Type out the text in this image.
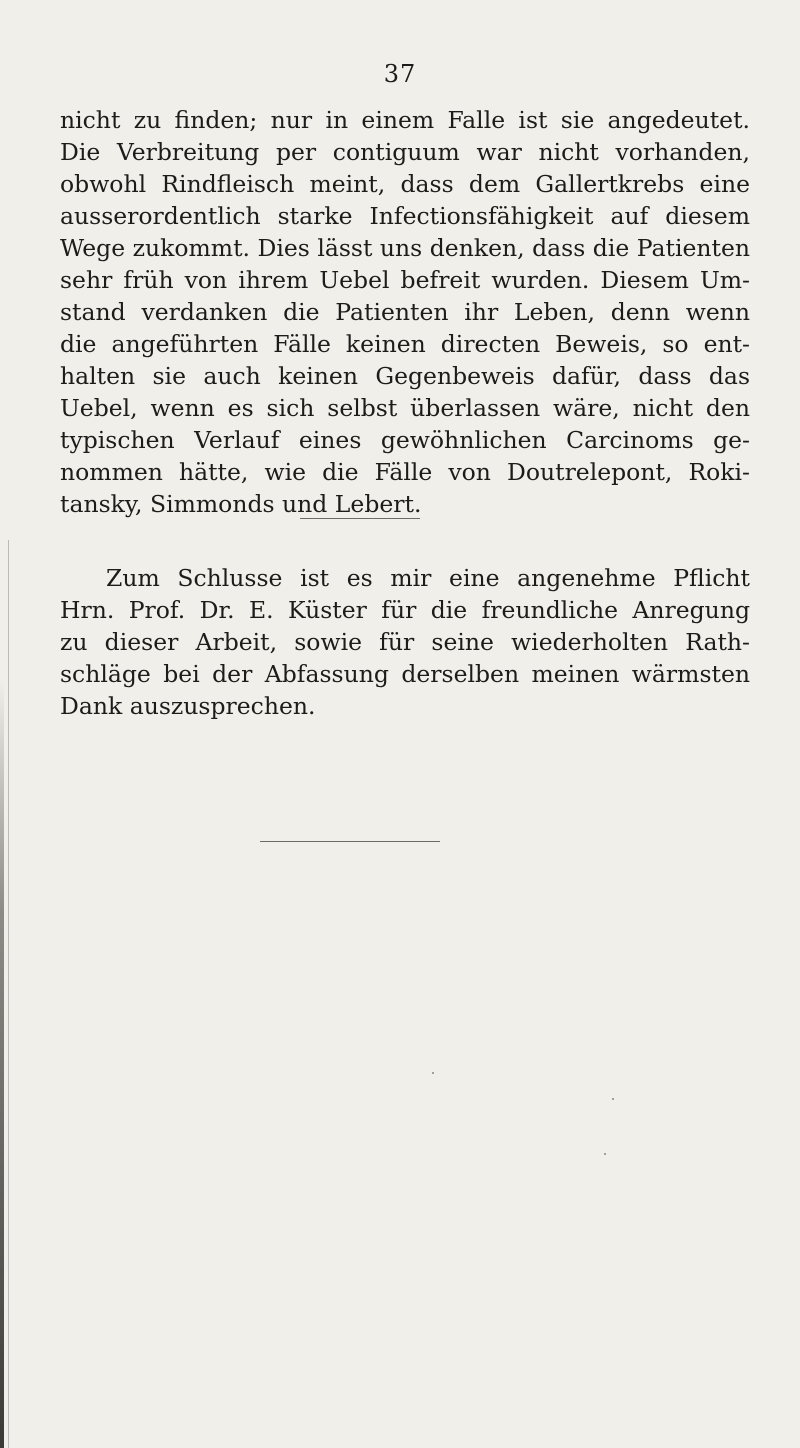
37
nicht zu finden; nur in einem Falle ist sie angedeutet.
Die Verbreitung per contiguum war nicht vorhanden,
obwohl Rindfleisch meint, dass dem Gallertkrebs eine
ausserordentlich starke Infectionsfähigkeit auf diesem
Wege zukommt. Dies lässt uns denken, dass die Patienten
sehr früh von ihrem Uebel befreit wurden. Diesem Um-
stand verdanken die Patienten ihr Leben, denn wenn
die angeführten Fälle keinen directen Beweis, so ent-
halten sie auch keinen Gegenbeweis dafür, dass das
Uebel, wenn es sich selbst überlassen wäre, nicht den
typischen Verlauf eines gewöhnlichen Carcinoms ge-
nommen hätte, wie die Fälle von Doutrelepont, Roki-
tansky, Simmonds und Lebert.
Zum Schlusse ist es mir eine angenehme Pflicht
Hrn. Prof. Dr. E. Küster für die freundliche Anregung
zu dieser Arbeit, sowie für seine wiederholten Rath-
schläge bei der Abfassung derselben meinen wärmsten
Dank auszusprechen.
